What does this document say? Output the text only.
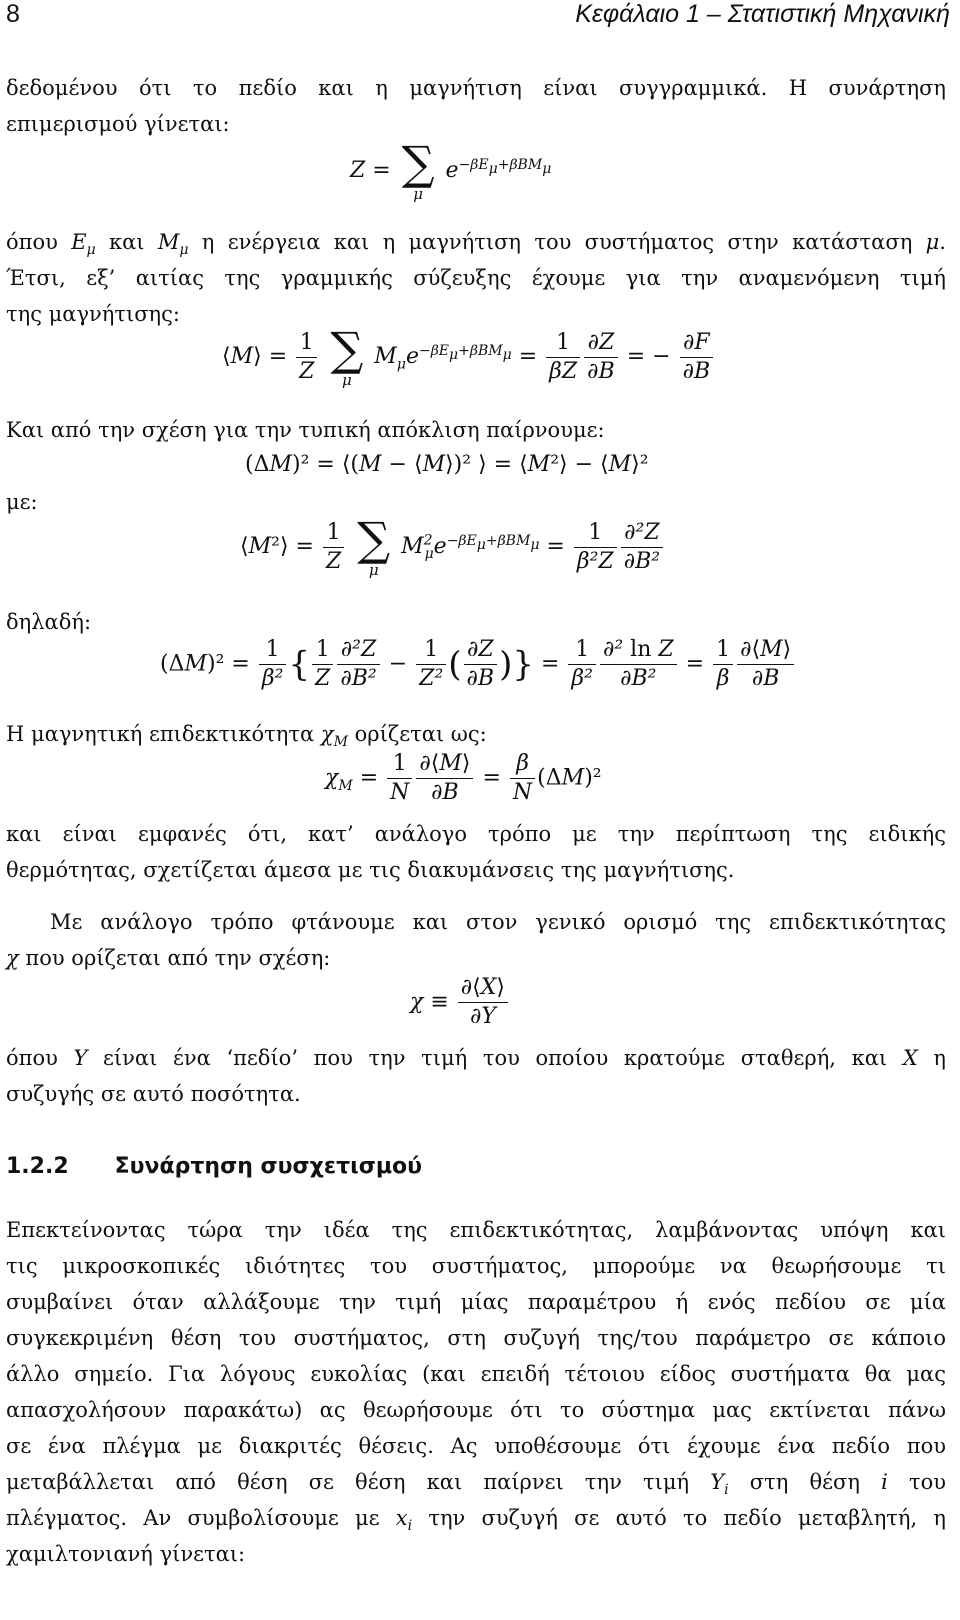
8	Κεφάλαιο 1 – Στατιστική Μηχανική
δεδομένου ότι το πεδίο και η μαγνήτιση είναι συγγραμμικά. Η συνάρτηση
επιμερισμού γίνεται:
Z = ∑
μ
$e^{-\beta E_\mu+\beta BM_\mu}$
όπου $E_\mu$ και $M_\mu$ η ενέργεια και η μαγνήτιση του συστήματος στην κατάσταση μ.
Έτσι, εξ’ αιτίας της γραμμικής σύζευξης έχουμε για την αναμενόμενη τιμή
της μαγνήτισης:
⟨M⟩ = $\frac{1}{Z}$
∑
μ
$M_\mu e^{-\beta E_\mu+\beta BM_\mu} = \frac{1}{\beta Z} \frac{\partial Z}{\partial B}$ = − $\frac{\partial F}{\partial B}$
Και από την σχέση για την τυπική απόκλιση παίρνουμε:
(ΔM)² = ⟨(M − ⟨M⟩)² ⟩ = ⟨M²⟩ − ⟨M⟩²
με:
⟨M²⟩ = $\frac{1}{Z}$
∑
μ
$M^2_\mu e^{-\beta E_\mu+\beta BM_\mu} = \frac{1}{\text{β²Z}} \frac{\text{∂²Z}}{\text{∂B²}}$
δηλαδή:
$(\Delta M)^2 = \frac{1}{\text{β²}}$ { $\frac{1}{Z} \frac{\text{∂²Z}}{\text{∂B²}} - \frac{1}{\text{Z²}}$ ( $\frac{\partial Z}{\partial B}$ )} = $\frac{1}{\text{β²}} \frac{\text{∂² ln Z}}{\text{∂B²}} = \frac{1}{\beta} \frac{\partial⟨M⟩}{\partial B}$
Η μαγνητική επιδεκτικότητα $\chi_M$ ορίζεται ως:
$\chi_M = \frac{1}{N} \frac{\partial⟨M⟩}{\partial B} = \frac{\beta}{N} (\Delta M)^2$
και είναι εμφανές ότι, κατ’ ανάλογο τρόπο με την περίπτωση της ειδικής
θερμότητας, σχετίζεται άμεσα με τις διακυμάνσεις της μαγνήτισης.
Με ανάλογο τρόπο φτάνουμε και στον γενικό ορισμό της επιδεκτικότητας
χ που ορίζεται από την σχέση:
$\chi \equiv \frac{\partial⟨X⟩}{\partial Y}$
όπου Y είναι ένα ‘πεδίο’ που την τιμή του οποίου κρατούμε σταθερή, και X η
συζυγής σε αυτό ποσότητα.
1.2.2 Συνάρτηση συσχετισμού
Επεκτείνοντας τώρα την ιδέα της επιδεκτικότητας, λαμβάνοντας υπόψη και
τις μικροσκοπικές ιδιότητες του συστήματος, μπορούμε να θεωρήσουμε τι
συμβαίνει όταν αλλάξουμε την τιμή μίας παραμέτρου ή ενός πεδίου σε μία
συγκεκριμένη θέση του συστήματος, στη συζυγή της/του παράμετρο σε κάποιο
άλλο σημείο. Για λόγους ευκολίας (και επειδή τέτοιου είδος συστήματα θα μας
απασχολήσουν παρακάτω) ας θεωρήσουμε ότι το σύστημα μας εκτίνεται πάνω
σε ένα πλέγμα με διακριτές θέσεις. Ας υποθέσουμε ότι έχουμε ένα πεδίο που
μεταβάλλεται από θέση σε θέση και παίρνει την τιμή $Y_i$ στη θέση i του
πλέγματος. Αν συμβολίσουμε με $x_i$ την συζυγή σε αυτό το πεδίο μεταβλητή, η
χαμιλτονιανή γίνεται:
